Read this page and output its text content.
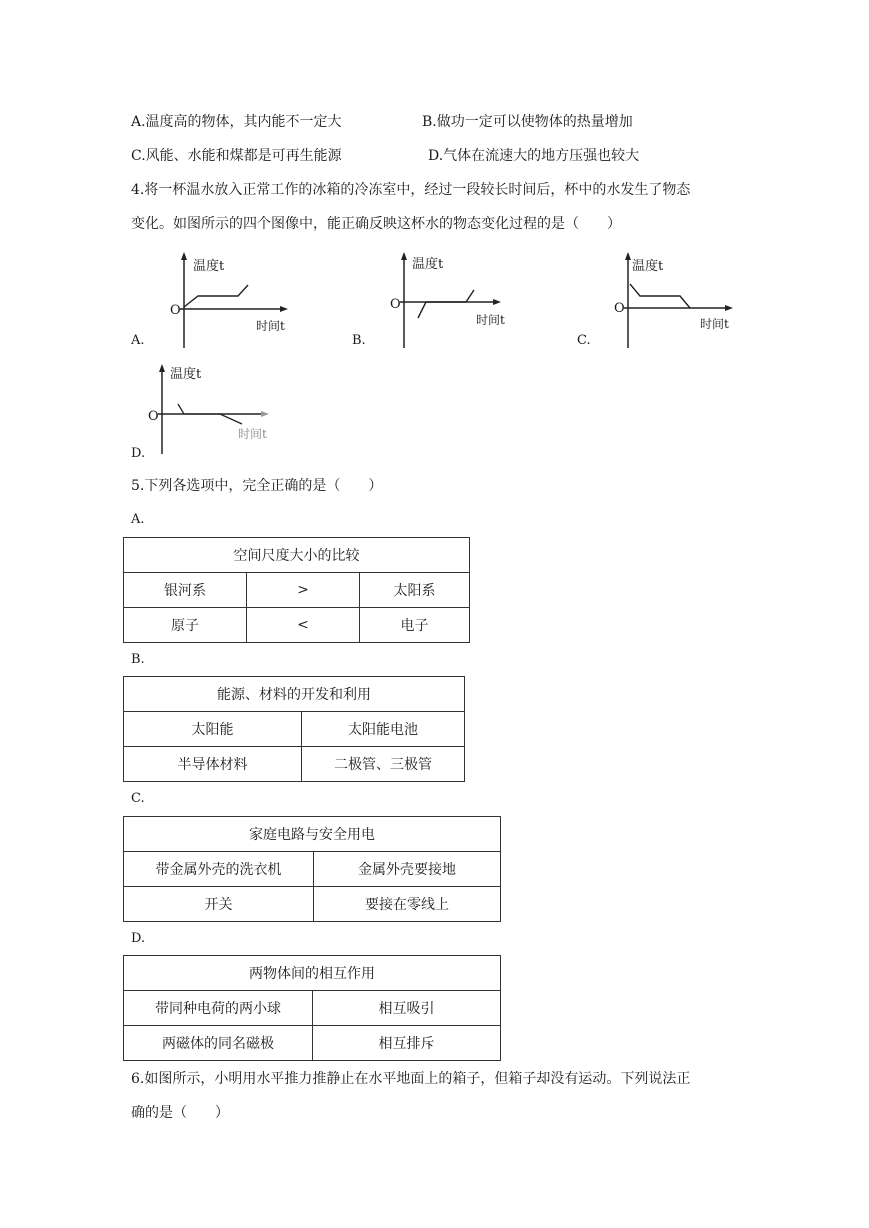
A.温度高的物体，其内能不一定大	B.做功一定可以使物体的热量增加
C.风能、水能和煤都是可再生能源	D.气体在流速大的地方压强也较大
4.将一杯温水放入正常工作的冰箱的冷冻室中，经过一段较长时间后，杯中的水发生了物态
变化。如图所示的四个图像中，能正确反映这杯水的物态变化过程的是（　　）
O
温度t
时间t
A.
O
温度t
时间t
B.
O
温度t
时间t
C.
O
温度t
时间t
D.
5.下列各选项中，完全正确的是（　　）
A.
空间尺度大小的比较		
银河系	>	太阳系
原子	<	电子
B.
能源、材料的开发和利用	
太阳能	太阳能电池
半导体材料	二极管、三极管
C.
家庭电路与安全用电	
带金属外壳的洗衣机	金属外壳要接地
开关	要接在零线上
D.
两物体间的相互作用	
带同种电荷的两小球	相互吸引
两磁体的同名磁极	相互排斥
6.如图所示，小明用水平推力推静止在水平地面上的箱子，但箱子却没有运动。下列说法正
确的是（　　）
